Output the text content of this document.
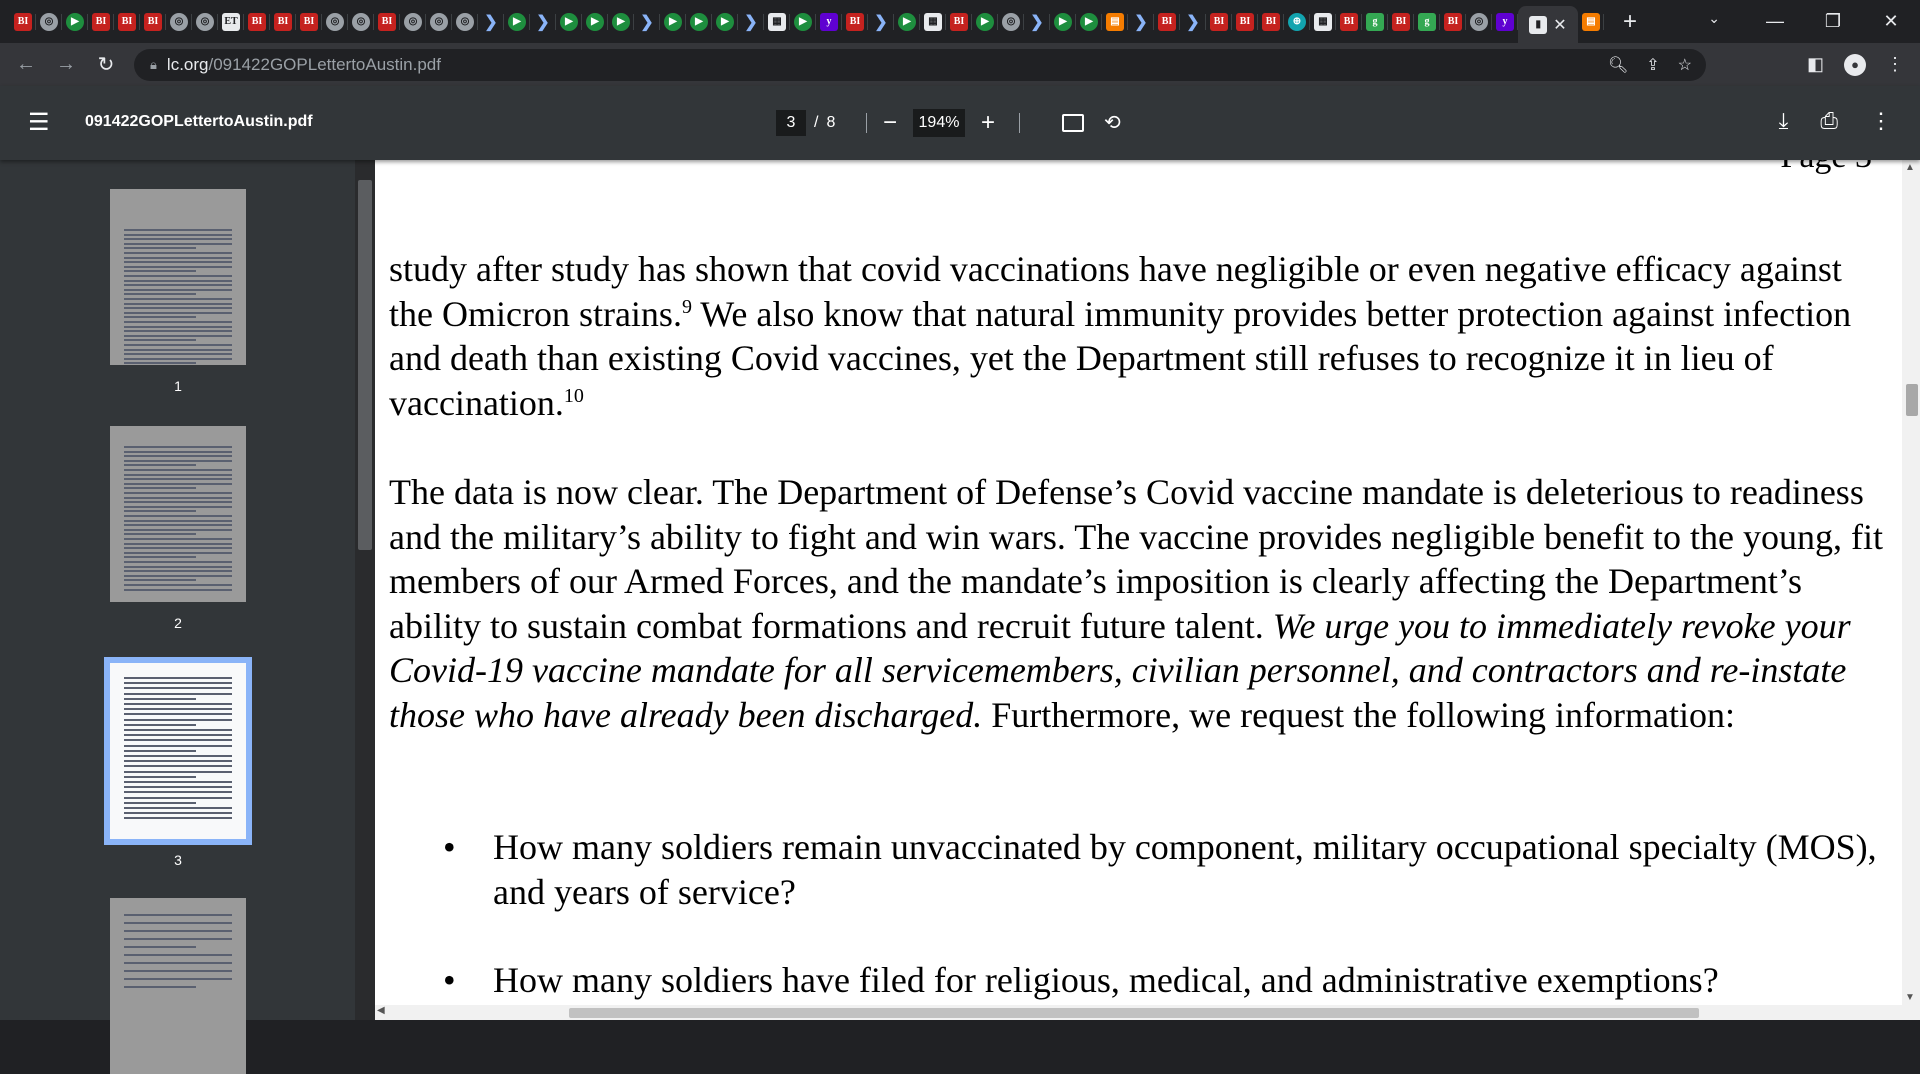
BI	◎	▶	BI	BI	BI	◎	◎	ET	BI	BI	BI	◎	◎	BI	◎	◎	◎ ❯	▶ ❯	▶	▶	▶ ❯	▶	▶	▶ ❯	▦	▶	y	BI ❯	▶	▦	BI	▶	◎ ❯	▶	▶	▤ ❯	BI ❯	BI	BI	BI	⊕	▦	BI	g	BI	g	BI	◎	y	▮ ✕	▤	+	⌄	—	❐	✕
← → ↻	🔒︎ lc.org /091422GOPLettertoAustin.pdf	🔍︎ ⇪ ☆	◧	●	⋮
☰ 091422GOPLettertoAustin.pdf	3	/ 8	−	194% +	⟲	⤓ ⎙ ⋮
1
2
3
study after study has shown that covid vaccinations have negligible or even negative efficacy against the Omicron strains.$^9$ We also know that natural immunity provides better protection against infection and death than existing Covid vaccines, yet the Department still refuses to recognize it in lieu of vaccination.$^{10}$
The data is now clear. The Department of Defense’s Covid vaccine mandate is deleterious to readiness and the military’s ability to fight and win wars. The vaccine provides negligible benefit to the young, fit members of our Armed Forces, and the mandate’s imposition is clearly affecting the Department’s ability to sustain combat formations and recruit future talent. We urge you to immediately revoke your Covid-19 vaccine mandate for all servicemembers, civilian personnel, and contractors and re-instate those who have already been discharged. Furthermore, we request the following information:
• How many soldiers remain unvaccinated by component, military occupational specialty (MOS), and years of service?
• How many soldiers have filed for religious, medical, and administrative exemptions?
▲
▼
◀
